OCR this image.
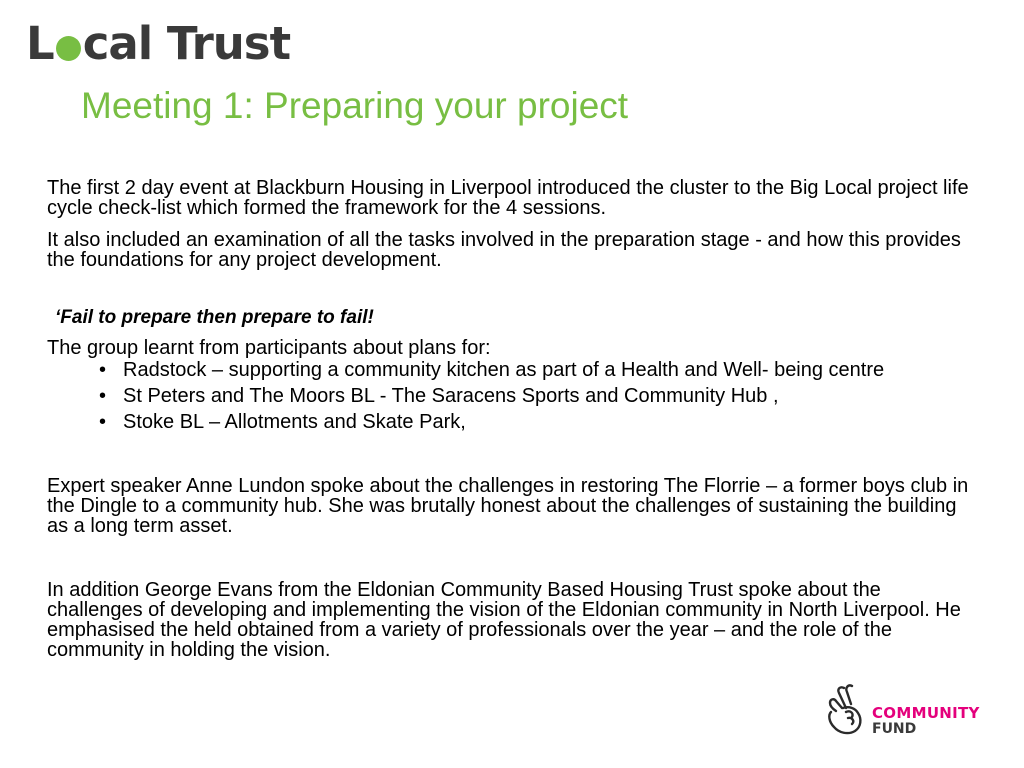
L cal Trust
Meeting 1: Preparing your project

The first 2 day event at Blackburn Housing in Liverpool introduced the cluster to the Big Local project life cycle check-list which formed the framework for the 4 sessions.

It also included an examination of all the tasks involved in the preparation stage - and how this provides the foundations for any project development.

‘Fail to prepare then prepare to fail!

The group learnt from participants about plans for:

• Radstock – supporting a community kitchen as part of a Health and Well- being centre
• St Peters and The Moors BL - The Saracens Sports and Community Hub ,
• Stoke BL – Allotments and Skate Park,

Expert speaker Anne Lundon spoke about the challenges in restoring The Florrie – a former boys club in the Dingle to a community hub. She was brutally honest about the challenges of sustaining the building as a long term asset.

In addition George Evans from the Eldonian Community Based Housing Trust spoke about the challenges of developing and implementing the vision of the Eldonian community in North Liverpool. He emphasised the held obtained from a variety of professionals over the year – and the role of the community in holding the vision.

COMMUNITY
FUND
